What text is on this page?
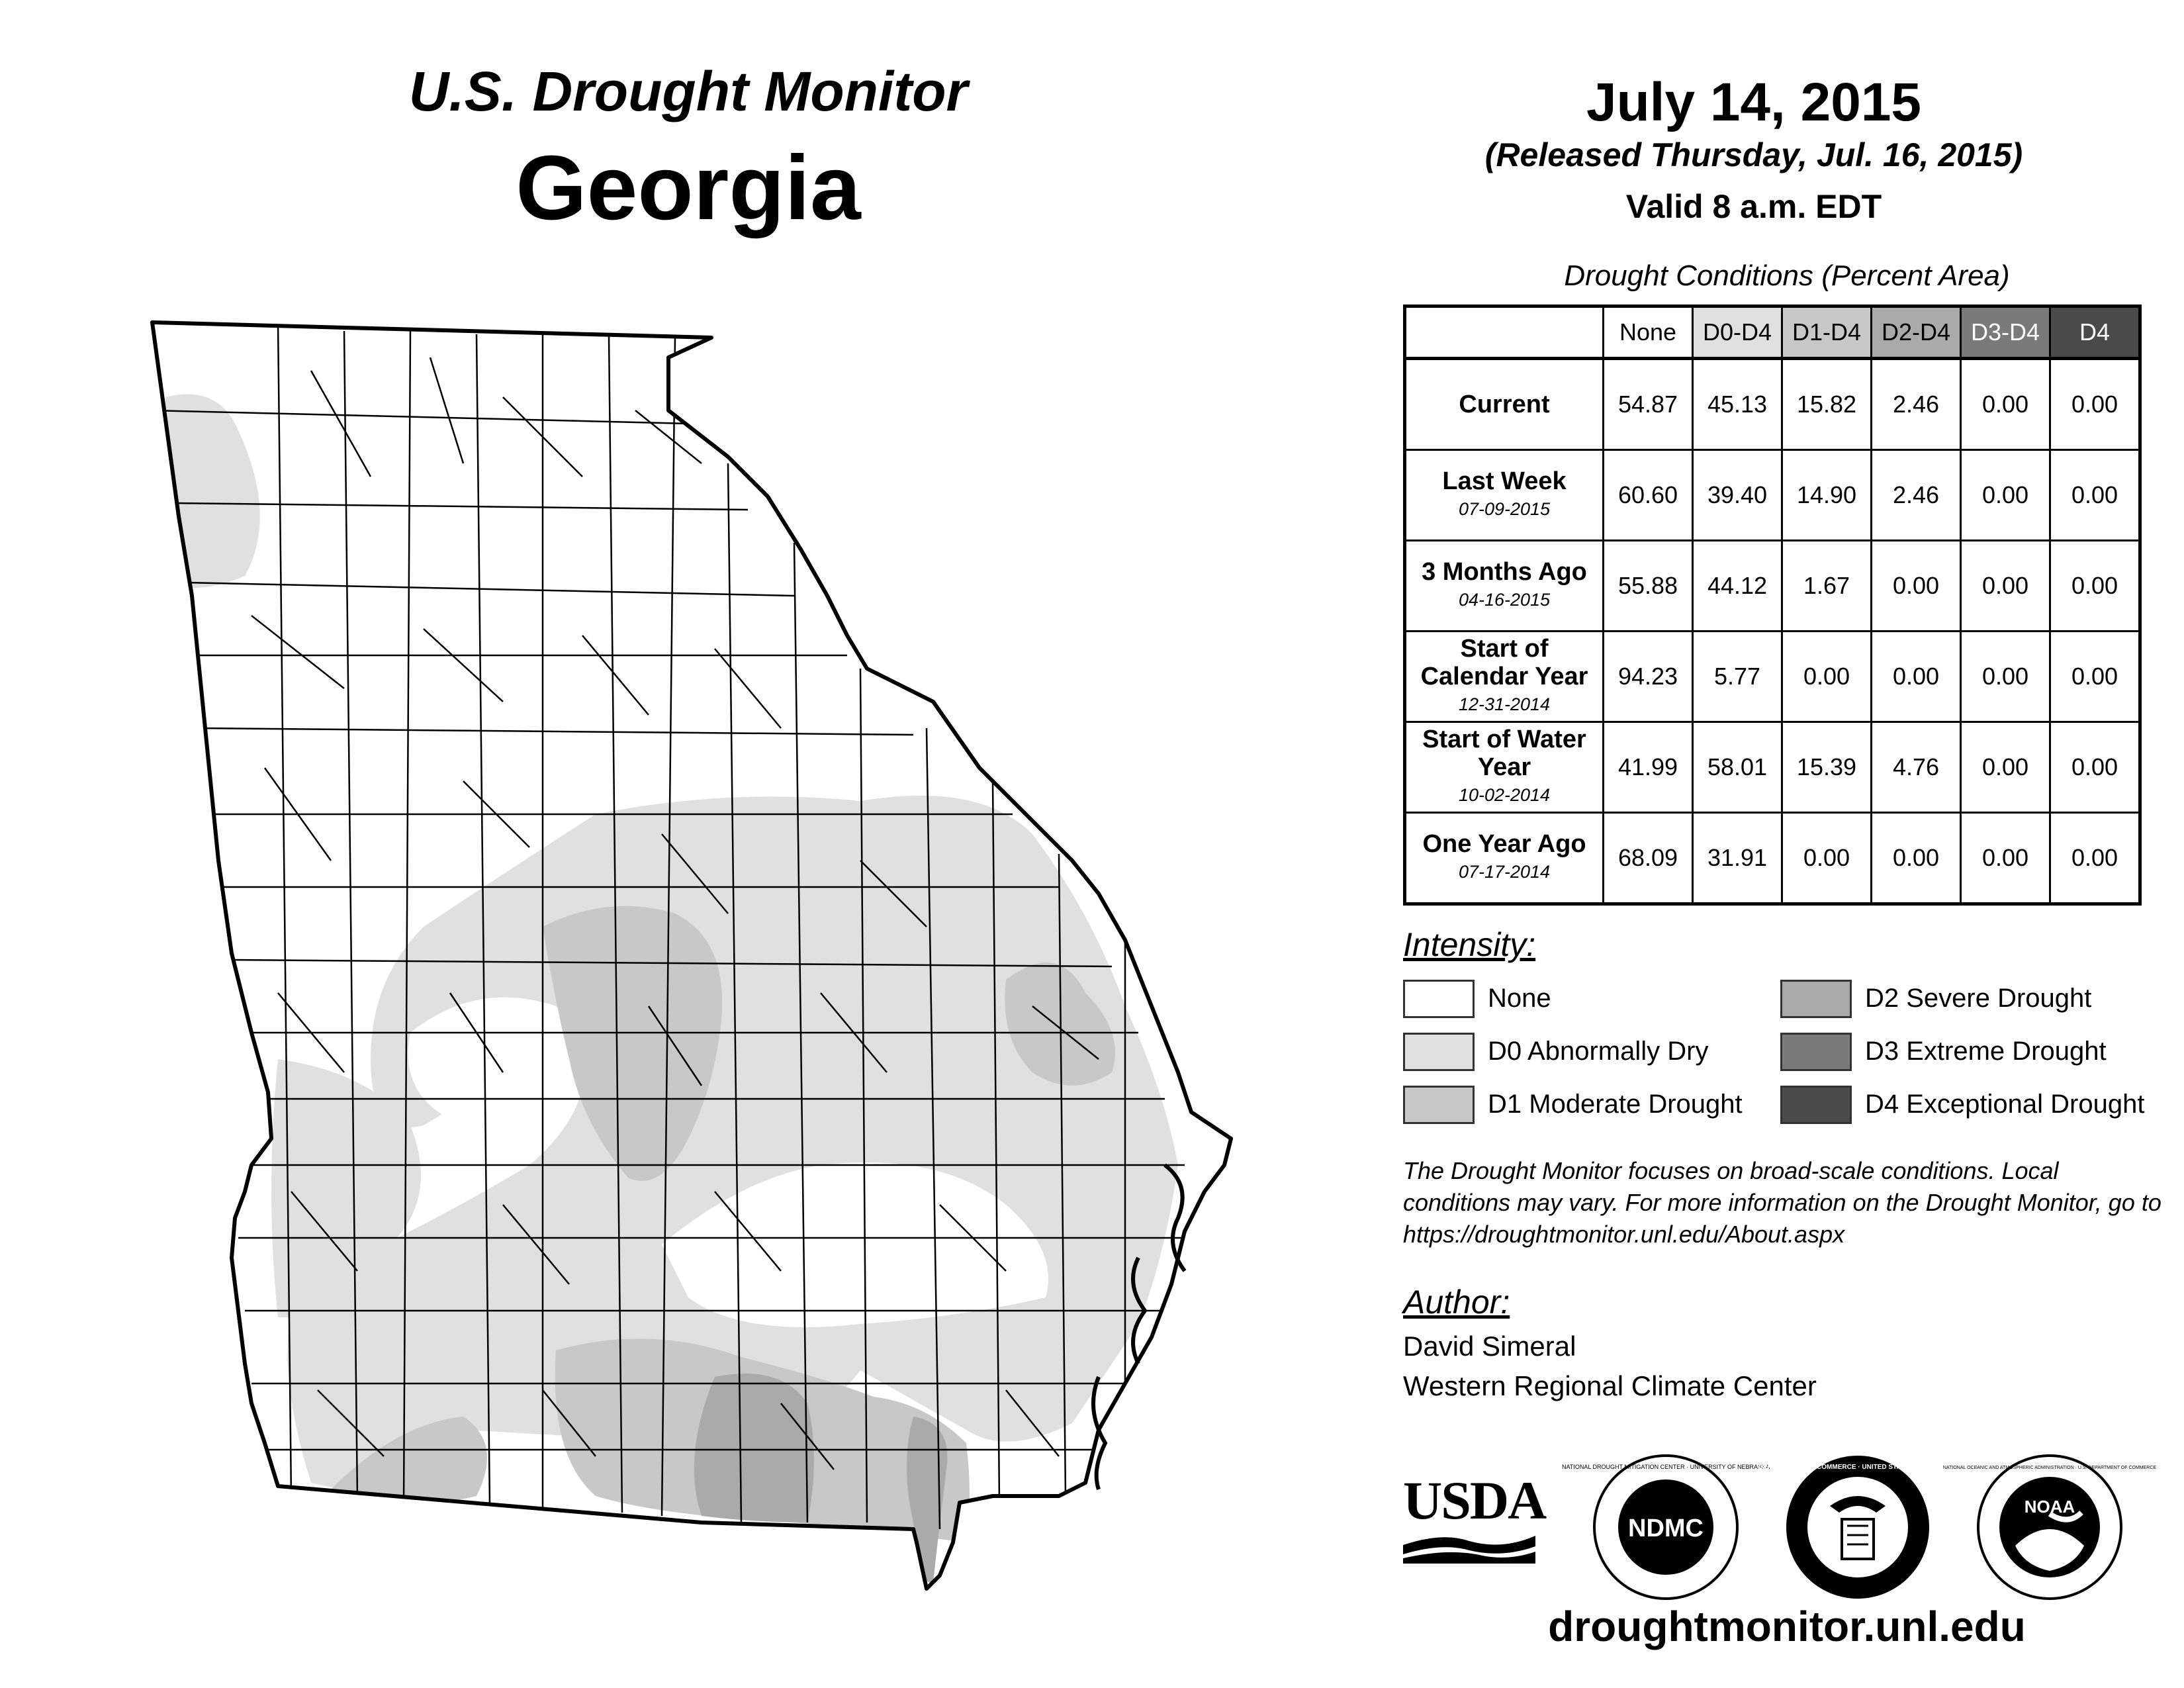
U.S. Drought Monitor
Georgia
July 14, 2015
(Released Thursday, Jul. 16, 2015)
Valid 8 a.m. EDT
Drought Conditions (Percent Area)
	None	D0-D4	D1-D4	D2-D4	D3-D4	D4
Current	54.87	45.13	15.82	2.46	0.00	0.00
Last Week
07-09-2015	60.60	39.40	14.90	2.46	0.00	0.00
3 Months Ago
04-16-2015	55.88	44.12	1.67	0.00	0.00	0.00
Start of Calendar Year
12-31-2014	94.23	5.77	0.00	0.00	0.00	0.00
Start of Water Year
10-02-2014	41.99	58.01	15.39	4.76	0.00	0.00
One Year Ago
07-17-2014	68.09	31.91	0.00	0.00	0.00	0.00
Intensity:
None
D0 Abnormally Dry
D1 Moderate Drought
D2 Severe Drought
D3 Extreme Drought
D4 Exceptional Drought
The Drought Monitor focuses on broad-scale conditions. Local conditions may vary. For more information on the Drought Monitor, go to https://droughtmonitor.unl.edu/About.aspx
Author:
David Simeral
Western Regional Climate Center
USDA	NDMC
NATIONAL DROUGHT MITIGATION CENTER · UNIVERSITY OF NEBRASKA
DEPARTMENT OF COMMERCE · UNITED STATES OF AMERICA
NOAA
NATIONAL OCEANIC AND ATMOSPHERIC ADMINISTRATION · U.S. DEPARTMENT OF COMMERCE
droughtmonitor.unl.edu
